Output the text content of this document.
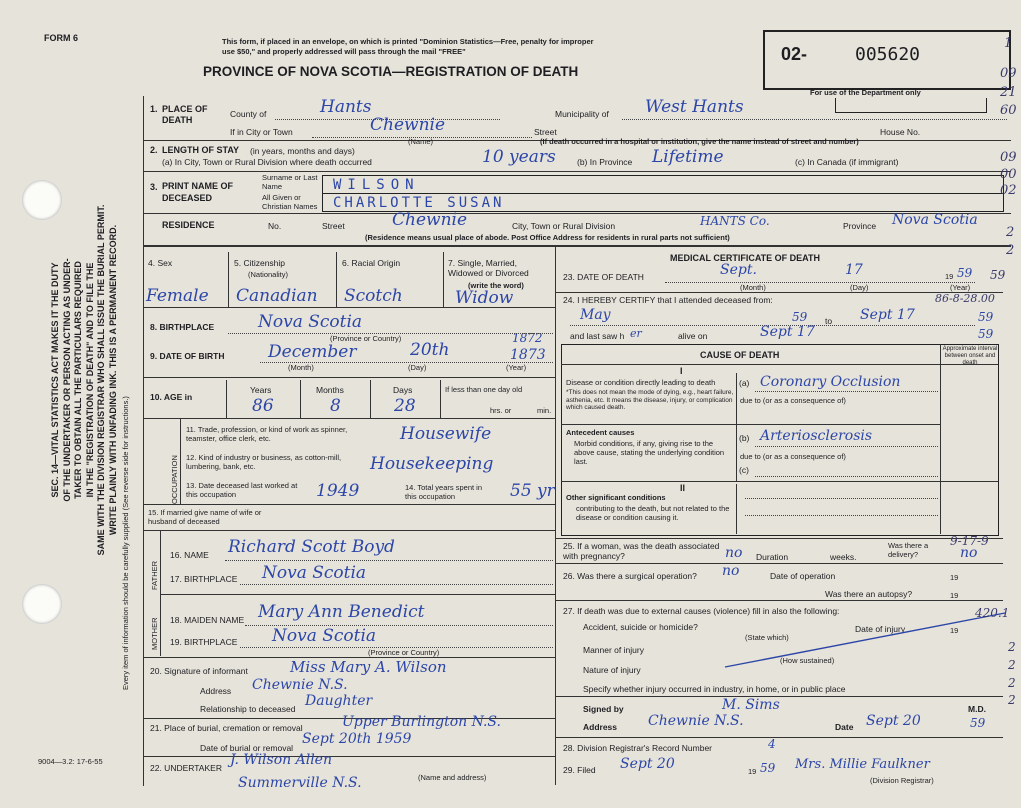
FORM 6	This form, if placed in an envelope, on which is printed "Dominion Statistics—Free, penalty for improper
use $50," and properly addressed will pass through the mail "FREE"
PROVINCE OF NOVA SCOTIA—REGISTRATION OF DEATH
02-	005620
For use of the Department only
SEC. 14—VITAL STATISTICS ACT MAKES IT THE DUTY OF THE UNDERTAKER OR PERSON ACTING AS UNDER- TAKER TO OBTAIN ALL THE PARTICULARS REQUIRED IN THE "REGISTRATION OF DEATH" AND TO FILE THE SAME WITH THE DIVISION REGISTRAR WHO SHALL ISSUE THE BURIAL PERMIT. WRITE PLAINLY WITH UNFADING INK. THIS IS A PERMANENT RECORD.
Every item of information should be carefully supplied (See reverse side for instructions.)
9004—3.2: 17-6-55
1. PLACE OF DEATH
County of	Hants	Municipality of West Hants
If in City or Town	Chewnie
(Name)
Street	House No.
(If death occurred in a hospital or institution, give the name instead of street and number)
2. LENGTH OF STAY (in years, months and days)
(a) In City, Town or Rural Division where death occurred	10 years	(b) In Province Lifetime	(c) In Canada (if immigrant)
3. PRINT NAME OF DECEASED
Surname or Last Name
All Given or Christian Names
WILSON
CHARLOTTE SUSAN
RESIDENCE	No.	Street	Chewnie	City, Town or Rural Division	HANTS Co.	Province Nova Scotia
(Residence means usual place of abode. Post Office Address for residents in rural parts not sufficient)
4. Sex	5. Citizenship
(Nationality)
6. Racial Origin	7. Single, Married, Widowed or Divorced
(write the word)
Female Canadian Scotch	Widow
8. BIRTHPLACE	Nova Scotia
1872
(Province or Country)
9. DATE OF BIRTH	December	20th	1873
(Month)	(Day)	(Year)
10. AGE in
Years	Months	Days
86	8	28
If less than one day old
hrs. or	min.
OCCUPATION
11. Trade, profession, or kind of work as spinner, teamster, office clerk, etc.	Housewife
12. Kind of industry or business, as cotton-mill, lumbering, bank, etc.	Housekeeping
13. Date deceased last worked at this occupation	1949	14. Total years spent in this occupation	55 yr
15. If married give name of wife or husband of deceased
FATHER
MOTHER
16. NAME Richard Scott Boyd
17. BIRTHPLACE Nova Scotia
18. MAIDEN NAME Mary Ann Benedict
19. BIRTHPLACE Nova Scotia
(Province or Country)
20. Signature of informant	Miss Mary A. Wilson
Address Chewnie N.S.
Relationship to deceased Daughter
21. Place of burial, cremation or removal	Upper Burlington N.S.
Date of burial or removal
Sept 20th 1959
22. UNDERTAKER J. Wilson Allen
(Name and address)
Summerville N.S.
MEDICAL CERTIFICATE OF DEATH
23. DATE OF DEATH	Sept.	17	19 59
(Month)	(Day)	(Year)
24. I HEREBY CERTIFY that I attended deceased from:
May	59 to Sept 17	59
and last saw h er	alive on	Sept 17	59
CAUSE OF DEATH
Approximate interval between onset and death
I
Disease or condition directly leading to death
*This does not mean the mode of dying, e.g., heart failure, asthenia, etc. It means the disease, injury, or complication which caused death.
(a) Coronary Occlusion
due to (or as a consequence of)
Antecedent causes
Morbid conditions, if any, giving rise to the above cause, stating the underlying condition last.
(b) Arteriosclerosis
due to (or as a consequence of)
(c)
II
Other significant conditions
contributing to the death, but not related to the disease or condition causing it.
25. If a woman, was the death associated with pregnancy?	no Duration	weeks.
Was there a delivery?	no
26. Was there a surgical operation? no	Date of operation	19
Was there an autopsy?	19
27. If death was due to external causes (violence) fill in also the following:
Accident, suicide or homicide?
(State which)
Date of injury	19
Manner of injury
(How sustained)
Nature of injury
Specify whether injury occurred in industry, in home, or in public place
Signed by	M. Sims	M.D.
Address Chewnie N.S.	Date Sept 20	59
28. Division Registrar's Record Number	4
29. Filed Sept 20	19 59 Mrs. Millie Faulkner
(Division Registrar)
1
09
21
60
09
00
02
2
2
86-8-28.00
59
9-17-9
420.1
2
2
2
2
